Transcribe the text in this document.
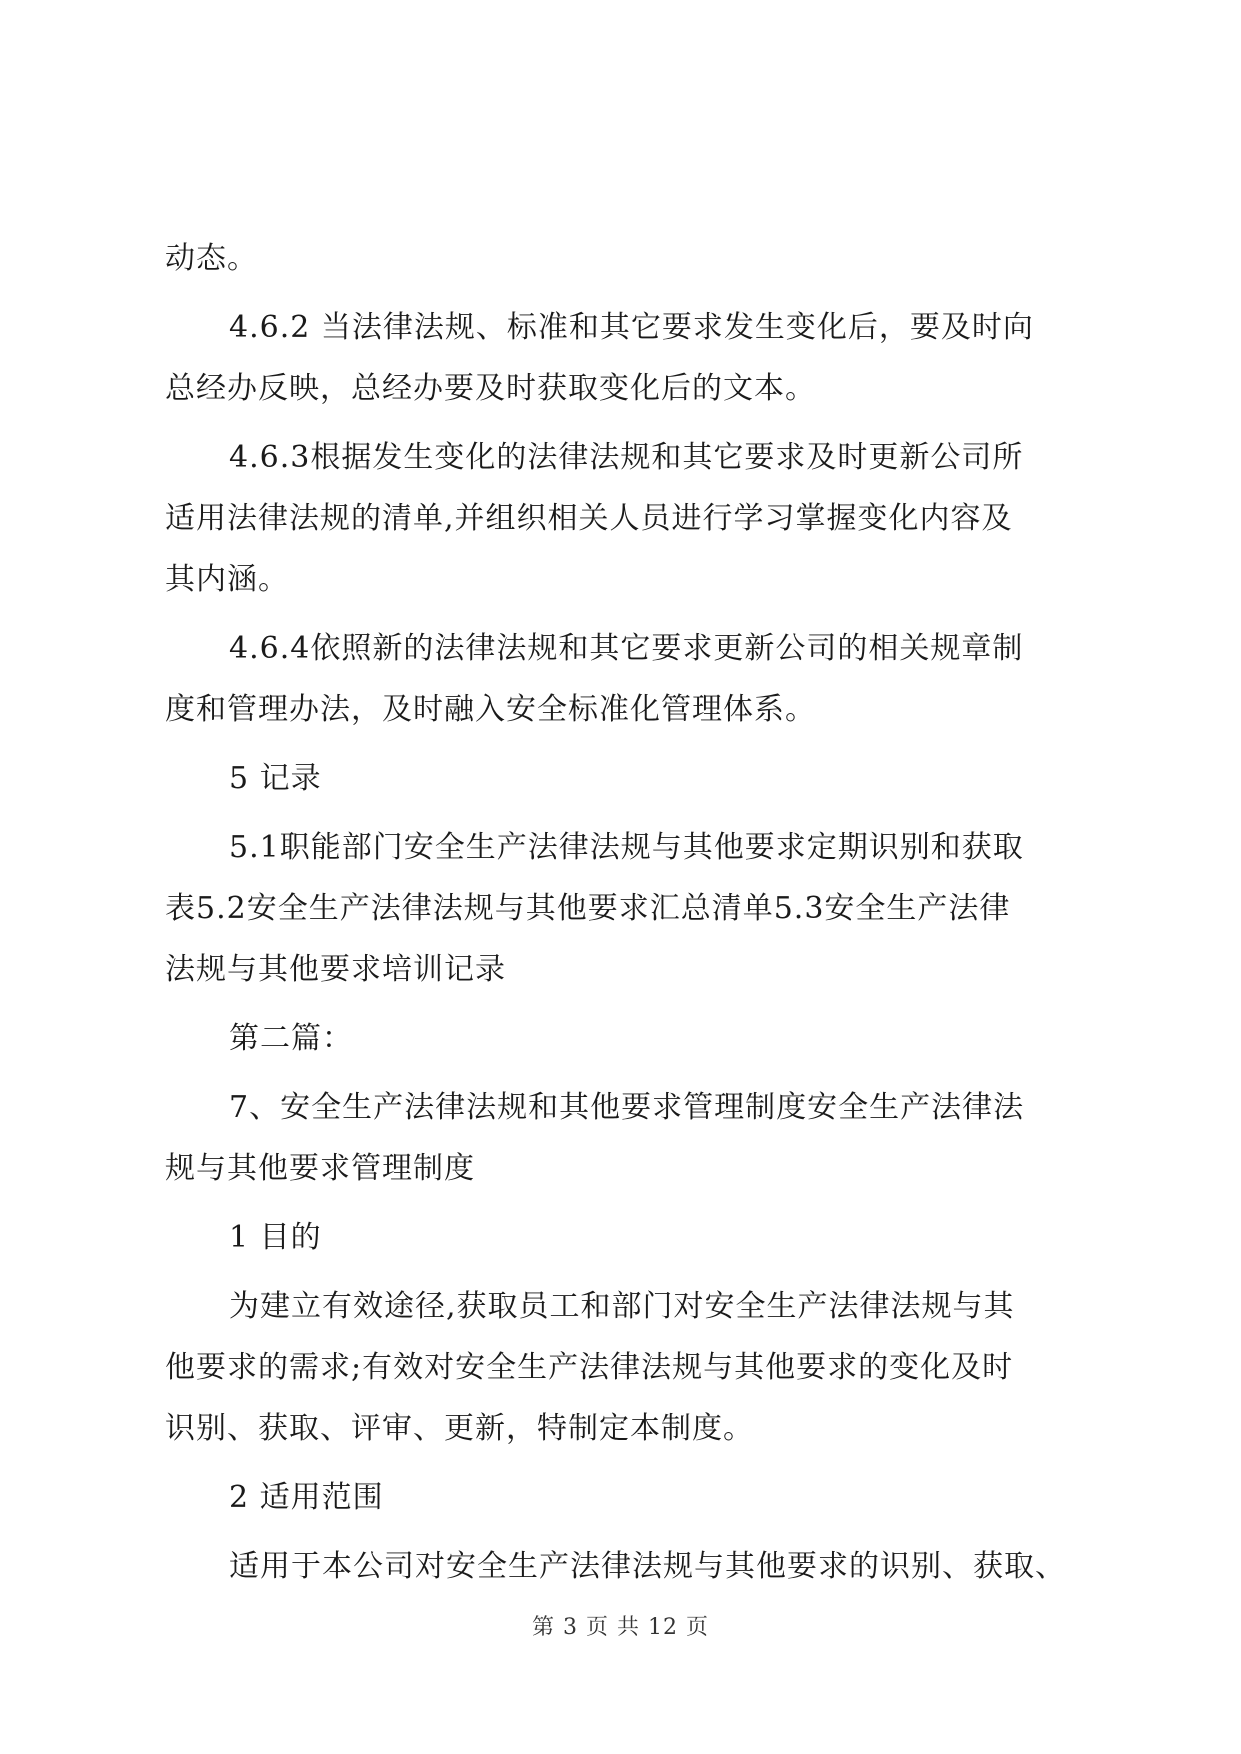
动态。
4.6.2 当法律法规、标准和其它要求发生变化后，要及时向
总经办反映，总经办要及时获取变化后的文本。
4.6.3根据发生变化的法律法规和其它要求及时更新公司所
适用法律法规的清单,并组织相关人员进行学习掌握变化内容及
其内涵。
4.6.4依照新的法律法规和其它要求更新公司的相关规章制
度和管理办法，及时融入安全标准化管理体系。
5 记录
5.1职能部门安全生产法律法规与其他要求定期识别和获取
表5.2安全生产法律法规与其他要求汇总清单5.3安全生产法律
法规与其他要求培训记录
第二篇：
7、安全生产法律法规和其他要求管理制度安全生产法律法
规与其他要求管理制度
1 目的
为建立有效途径,获取员工和部门对安全生产法律法规与其
他要求的需求;有效对安全生产法律法规与其他要求的变化及时
识别、获取、评审、更新，特制定本制度。
2 适用范围
适用于本公司对安全生产法律法规与其他要求的识别、获取、
第 3 页 共 12 页
